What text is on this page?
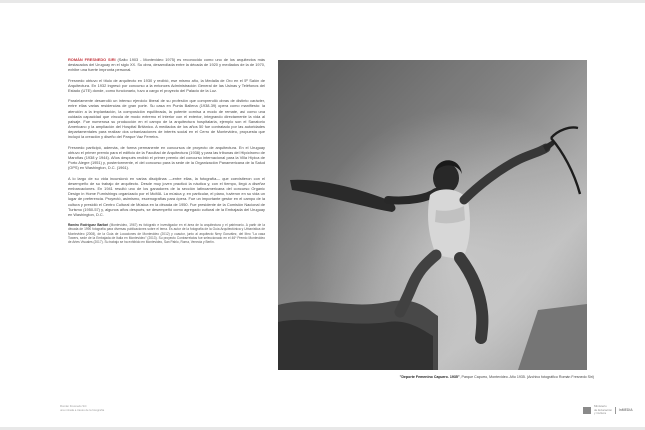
ROMÁN FRESNEDO SIRI (Salto 1903 - Montevideo 1975) es reconocido como uno de los arquitectos más destacados del Uruguay en el siglo XX. Su obra, desarrollada entre la década de 1920 y mediados de la de 1970, exhibe una fuerte impronta personal.

Fresnedo obtuvo el título de arquitecto en 1930 y recibió, ese mismo año, la Medalla de Oro en el 5º Salón de Arquitectura. En 1932 ingresó por concurso a la entonces Administración General de las Usinas y Teléfonos del Estado (UTE) donde, como funcionario, tuvo a cargo el proyecto del Palacio de la Luz.

Paralelamente desarrolló un intenso ejercicio liberal de su profesión que comprendió obras de distinto carácter, entre ellas varias residencias de gran porte. Su casa en Punta Ballena (1938-39) opera como manifiesto: la atención a la implantación, la composición equilibrada, la potente cornisa a modo de remate, así como una cuidada capacidad que vincula de modo extremo el interior con el exterior, integrando directamente la vida al paisaje. Fue numerosa su producción en el campo de la arquitectura hospitalaria, ejemplo son el Sanatorio Americano y la ampliación del Hospital Británico. A mediados de los años 50 fue contratado por las autoridades departamentales para realizar dos urbanizaciones de interés social en el Cerro de Montevideo, propuesta que incluyó la creación y diseño del Parque Vaz Ferreira.

Fresnedo participó, además, de forma permanente en concursos de proyecto de arquitectura. En el Uruguay obtuvo el primer premio para el edificio de la Facultad de Arquitectura (1938) y para las tribunas del Hipódromo de Maroñas (1938 y 1944). Años después recibió el primer premio del concurso internacional para la Villa Hípica de Porto Alegre (1951) y, posteriormente, el del concurso para la sede de la Organización Panamericana de la Salud (OPS) en Washington, D.C. (1961).

A lo largo de su vida incursionó en varias disciplinas —entre ellas, la fotografía— que coexistieron con el desempeño de su trabajo de arquitecto. Desde muy joven practicó la náutica y, con el tiempo, llegó a diseñar embarcaciones. En 1941 resultó uno de los ganadores de la sección latinoamericana del concurso Organic Design in Home Furnishings organizado por el MoMA. La música y, en particular, el piano, tuvieron en su vida un lugar de preferencia. Proyectó, asimismo, escenografías para ópera. Fue un importante gestor en el campo de la cultura y presidió el Centro Cultural de Música en la década de 1950. Fue presidente de la Comisión Nacional de Turismo (1950-57) y, algunos años después, se desempeñó como agregado cultural de la Embajada del Uruguay en Washington, D.C.

Ramiro Rodríguez Barilari (Montevideo, 1967) es fotógrafo e investigador en el área de la arquitectura y el patrimonio. A partir de la década de 1990 fotografía para diversas publicaciones sobre el tema. Es autor de la fotografía de la Guía Arquitectónica y Urbanística de Montevideo (2008), de la Guía de Locaciones de Montevideo (2012) y coautor, junto al arquitecto Nery González, del libro "La casa Towers, sede de la Embajada de Italia en Montevideo" (2013). Su proyecto Contrarrelatos fue seleccionado en el 46º Premio Montevideo de Artes Visuales (2017). Su trabajo se ha exhibido en Montevideo, San Pablo, Roma, Venecia y Berlín.
"Deporte Femenino Capurro. 1935", Parque Capurro, Montevideo. Año 1935. (Archivo fotográfico Román Fresnedo Siri)
Román Fresnedo Siri
una mirada a través de la fotografía
Ministerio
de Educación
y Cultura
InMEDIA
